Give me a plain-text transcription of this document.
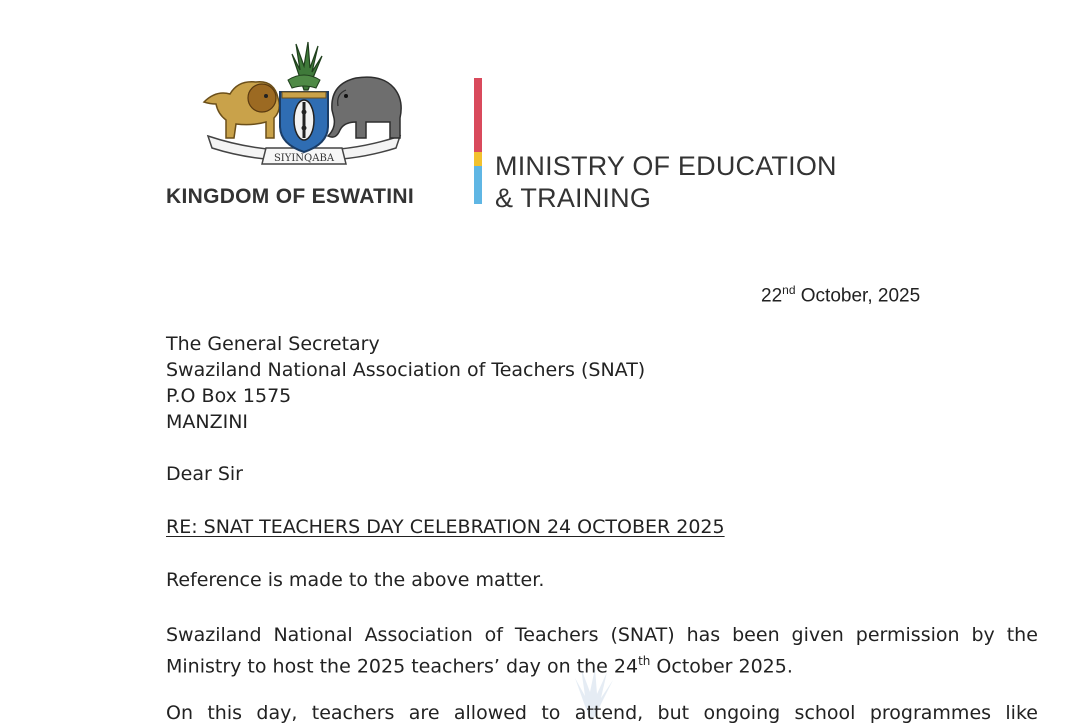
SIYINQABA
KINGDOM OF ESWATINI
MINISTRY OF EDUCATION
& TRAINING
22nd October, 2025
The General Secretary
Swaziland National Association of Teachers (SNAT)
P.O Box 1575
MANZINI
Dear Sir
RE: SNAT TEACHERS DAY CELEBRATION 24 OCTOBER 2025
Reference is made to the above matter.
Swaziland National Association of Teachers (SNAT) has been given permission by the
Ministry to host the 2025 teachers’ day on the 24th October 2025.
On this day, teachers are allowed to attend, but ongoing school programmes like
